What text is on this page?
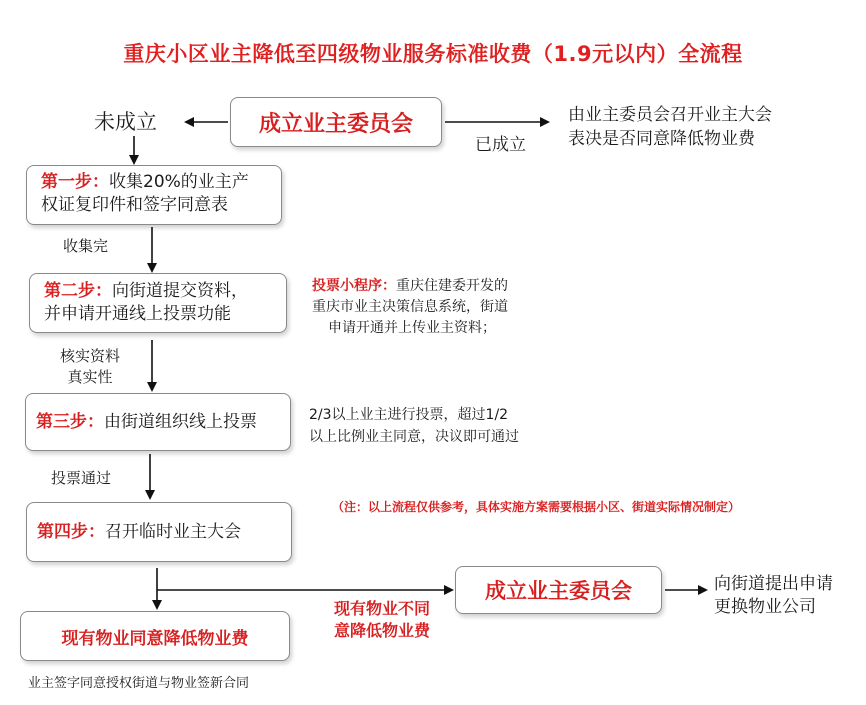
重庆小区业主降低至四级物业服务标准收费（1.9元以内）全流程
未成立	成立业主委员会
已成立
由业主委员会召开业主大会
表决是否同意降低物业费
第一步：收集20%的业主产
权证复印件和签字同意表
收集完
第二步：向街道提交资料，
并申请开通线上投票功能
核实资料
真实性
投票小程序：重庆住建委开发的
重庆市业主决策信息系统，街道
申请开通并上传业主资料；
第三步：由街道组织线上投票	2/3以上业主进行投票，超过1/2
以上比例业主同意，决议即可通过
投票通过
（注：以上流程仅供参考，具体实施方案需要根据小区、街道实际情况制定）
第四步：召开临时业主大会
现有物业同意降低物业费
业主签字同意授权街道与物业签新合同
现有物业不同
意降低物业费
成立业主委员会	向街道提出申请
更换物业公司
